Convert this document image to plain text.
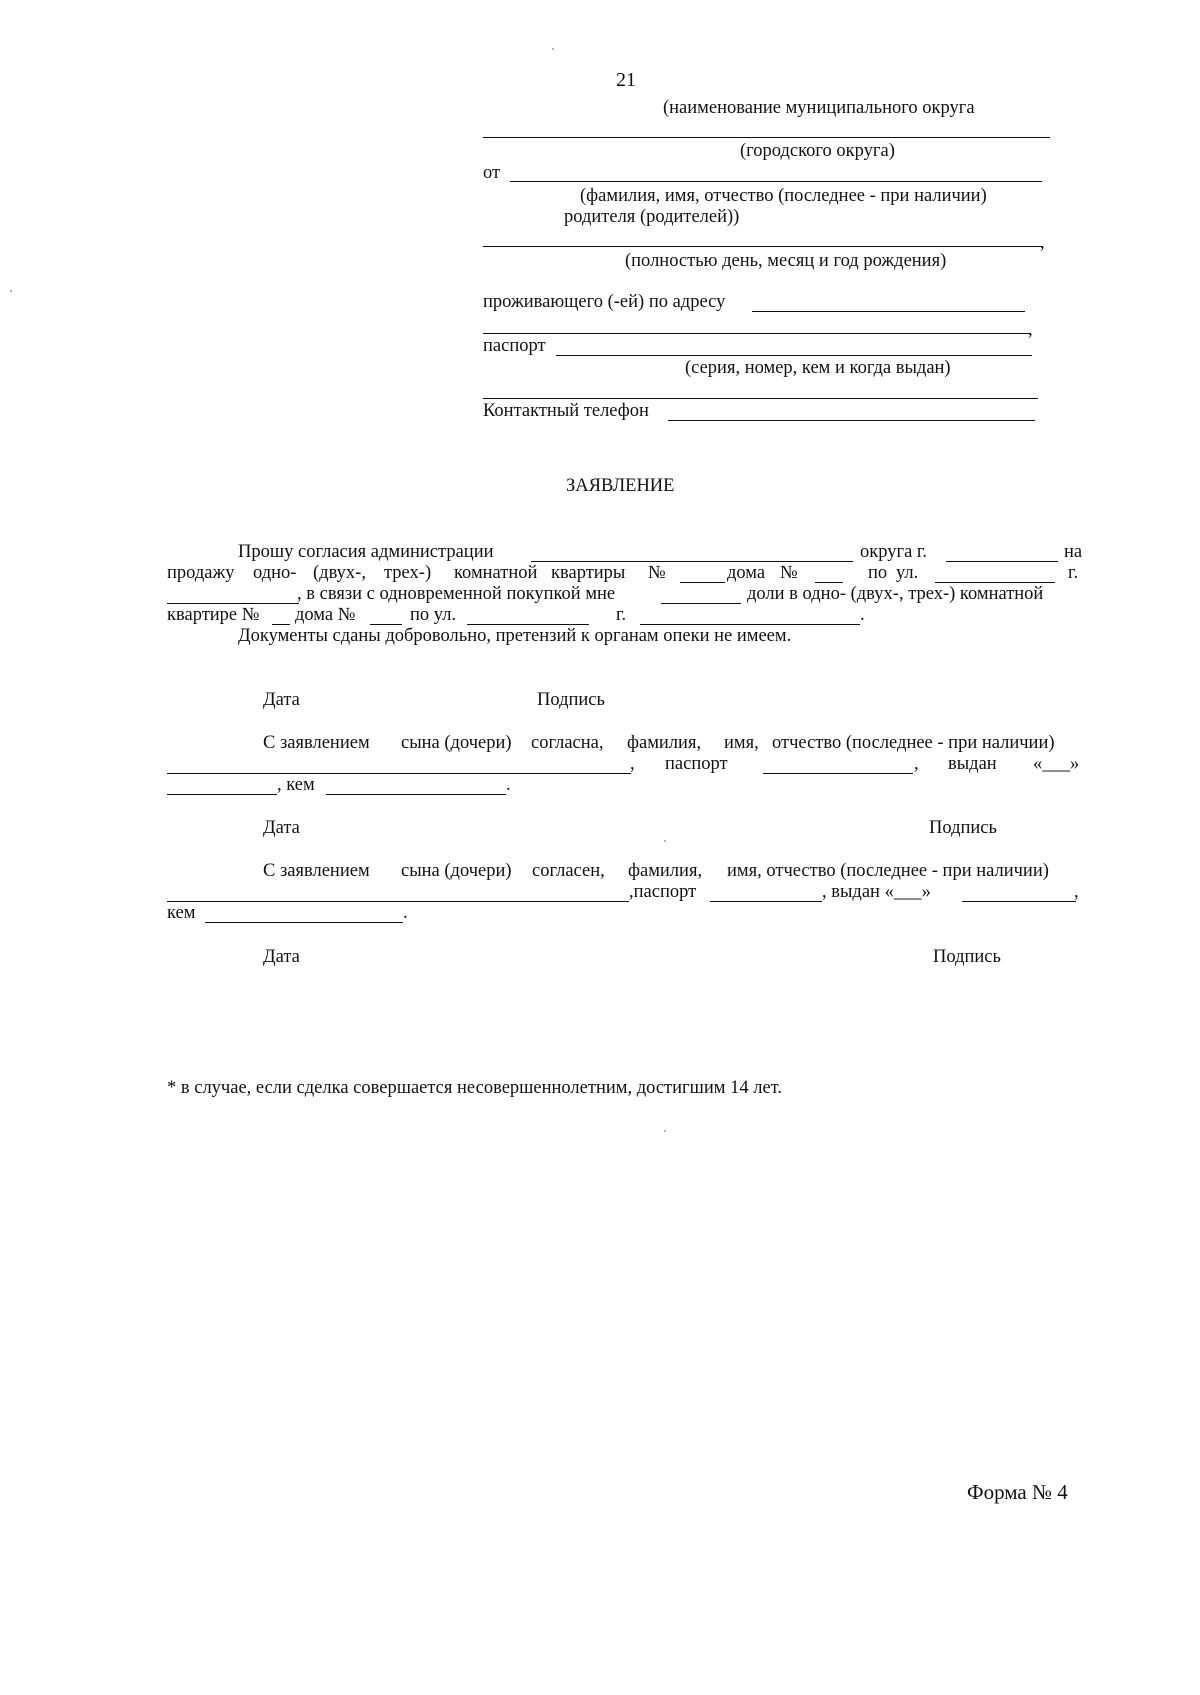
21
(наименование муниципального округа
(городского округа)
от
(фамилия, имя, отчество (последнее - при наличии)
родителя (родителей))
,
(полностью день, месяц и год рождения)
проживающего (-ей) по адресу
,
паспорт
(серия, номер, кем и когда выдан)
Контактный телефон
ЗАЯВЛЕНИЕ
Прошу согласия администрации	округа г.	на
продажу одно- (двух-, трех-) комнатной квартиры №	дома №	по ул.	г.
, в связи с одновременной покупкой мне	доли в одно- (двух-, трех-) комнатной
квартире № дома №	по ул.	г.	.
Документы сданы добровольно, претензий к органам опеки не имеем.
Дата	Подпись
С заявлением сына (дочери) согласна, фамилия, имя, отчество (последнее - при наличии)
, паспорт	, выдан «___»
, кем	.
Дата	Подпись
С заявлением сына (дочери) согласен, фамилия, имя, отчество (последнее - при наличии)
,паспорт	, выдан «___»	,
кем	.
Дата	Подпись
* в случае, если сделка совершается несовершеннолетним, достигшим 14 лет.
Форма № 4
